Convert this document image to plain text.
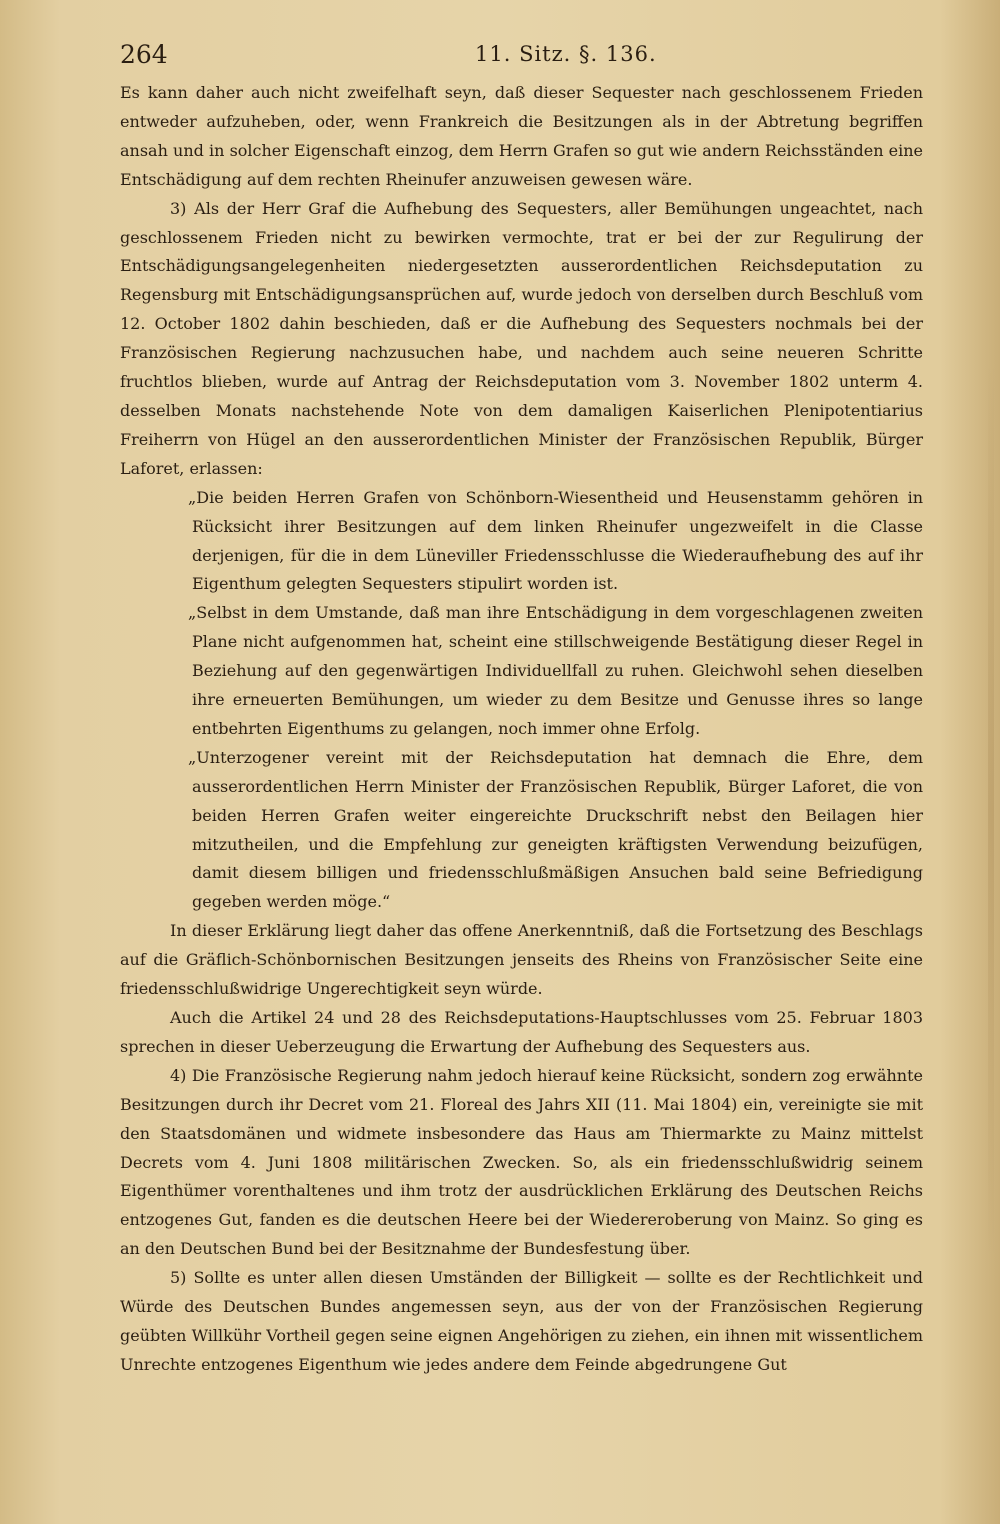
264	11. Sitz. §. 136.

Es kann daher auch nicht zweifelhaft seyn, daß dieser Sequester nach geschlossenem Frieden entweder aufzuheben, oder, wenn Frankreich die Besitzungen als in der Abtretung begriffen ansah und in solcher Eigenschaft einzog, dem Herrn Grafen so gut wie andern Reichsständen eine Entschädigung auf dem rechten Rheinufer anzuweisen gewesen wäre.

3) Als der Herr Graf die Aufhebung des Sequesters, aller Bemühungen ungeachtet, nach geschlossenem Frieden nicht zu bewirken vermochte, trat er bei der zur Regulirung der Entschädigungsangelegenheiten niedergesetzten ausserordentlichen Reichsdeputation zu Regensburg mit Entschädigungsansprüchen auf, wurde jedoch von derselben durch Beschluß vom 12. October 1802 dahin beschieden, daß er die Aufhebung des Sequesters nochmals bei der Französischen Regierung nachzusuchen habe, und nachdem auch seine neueren Schritte fruchtlos blieben, wurde auf Antrag der Reichsdeputation vom 3. November 1802 unterm 4. desselben Monats nachstehende Note von dem damaligen Kaiserlichen Plenipotentiarius Freiherrn von Hügel an den ausserordentlichen Minister der Französischen Republik, Bürger Laforet, erlassen:

„Die beiden Herren Grafen von Schönborn-Wiesentheid und Heusenstamm gehören in Rücksicht ihrer Besitzungen auf dem linken Rheinufer ungezweifelt in die Classe derjenigen, für die in dem Lüneviller Friedensschlusse die Wiederaufhebung des auf ihr Eigenthum gelegten Sequesters stipulirt worden ist.

„Selbst in dem Umstande, daß man ihre Entschädigung in dem vorgeschlagenen zweiten Plane nicht aufgenommen hat, scheint eine stillschweigende Bestätigung dieser Regel in Beziehung auf den gegenwärtigen Individuellfall zu ruhen. Gleichwohl sehen dieselben ihre erneuerten Bemühungen, um wieder zu dem Besitze und Genusse ihres so lange entbehrten Eigenthums zu gelangen, noch immer ohne Erfolg.

„Unterzogener vereint mit der Reichsdeputation hat demnach die Ehre, dem ausserordentlichen Herrn Minister der Französischen Republik, Bürger Laforet, die von beiden Herren Grafen weiter eingereichte Druckschrift nebst den Beilagen hier mitzutheilen, und die Empfehlung zur geneigten kräftigsten Verwendung beizufügen, damit diesem billigen und friedensschlußmäßigen Ansuchen bald seine Befriedigung gegeben werden möge.“

In dieser Erklärung liegt daher das offene Anerkenntniß, daß die Fortsetzung des Beschlags auf die Gräflich-Schönbornischen Besitzungen jenseits des Rheins von Französischer Seite eine friedensschlußwidrige Ungerechtigkeit seyn würde.

Auch die Artikel 24 und 28 des Reichsdeputations-Hauptschlusses vom 25. Februar 1803 sprechen in dieser Ueberzeugung die Erwartung der Aufhebung des Sequesters aus.

4) Die Französische Regierung nahm jedoch hierauf keine Rücksicht, sondern zog erwähnte Besitzungen durch ihr Decret vom 21. Floreal des Jahrs XII (11. Mai 1804) ein, vereinigte sie mit den Staatsdomänen und widmete insbesondere das Haus am Thiermarkte zu Mainz mittelst Decrets vom 4. Juni 1808 militärischen Zwecken. So, als ein friedensschlußwidrig seinem Eigenthümer vorenthaltenes und ihm trotz der ausdrücklichen Erklärung des Deutschen Reichs entzogenes Gut, fanden es die deutschen Heere bei der Wiedereroberung von Mainz. So ging es an den Deutschen Bund bei der Besitznahme der Bundesfestung über.

5) Sollte es unter allen diesen Umständen der Billigkeit — sollte es der Rechtlichkeit und Würde des Deutschen Bundes angemessen seyn, aus der von der Französischen Regierung geübten Willkühr Vortheil gegen seine eignen Angehörigen zu ziehen, ein ihnen mit wissentlichem Unrechte entzogenes Eigenthum wie jedes andere dem Feinde abgedrungene Gut
